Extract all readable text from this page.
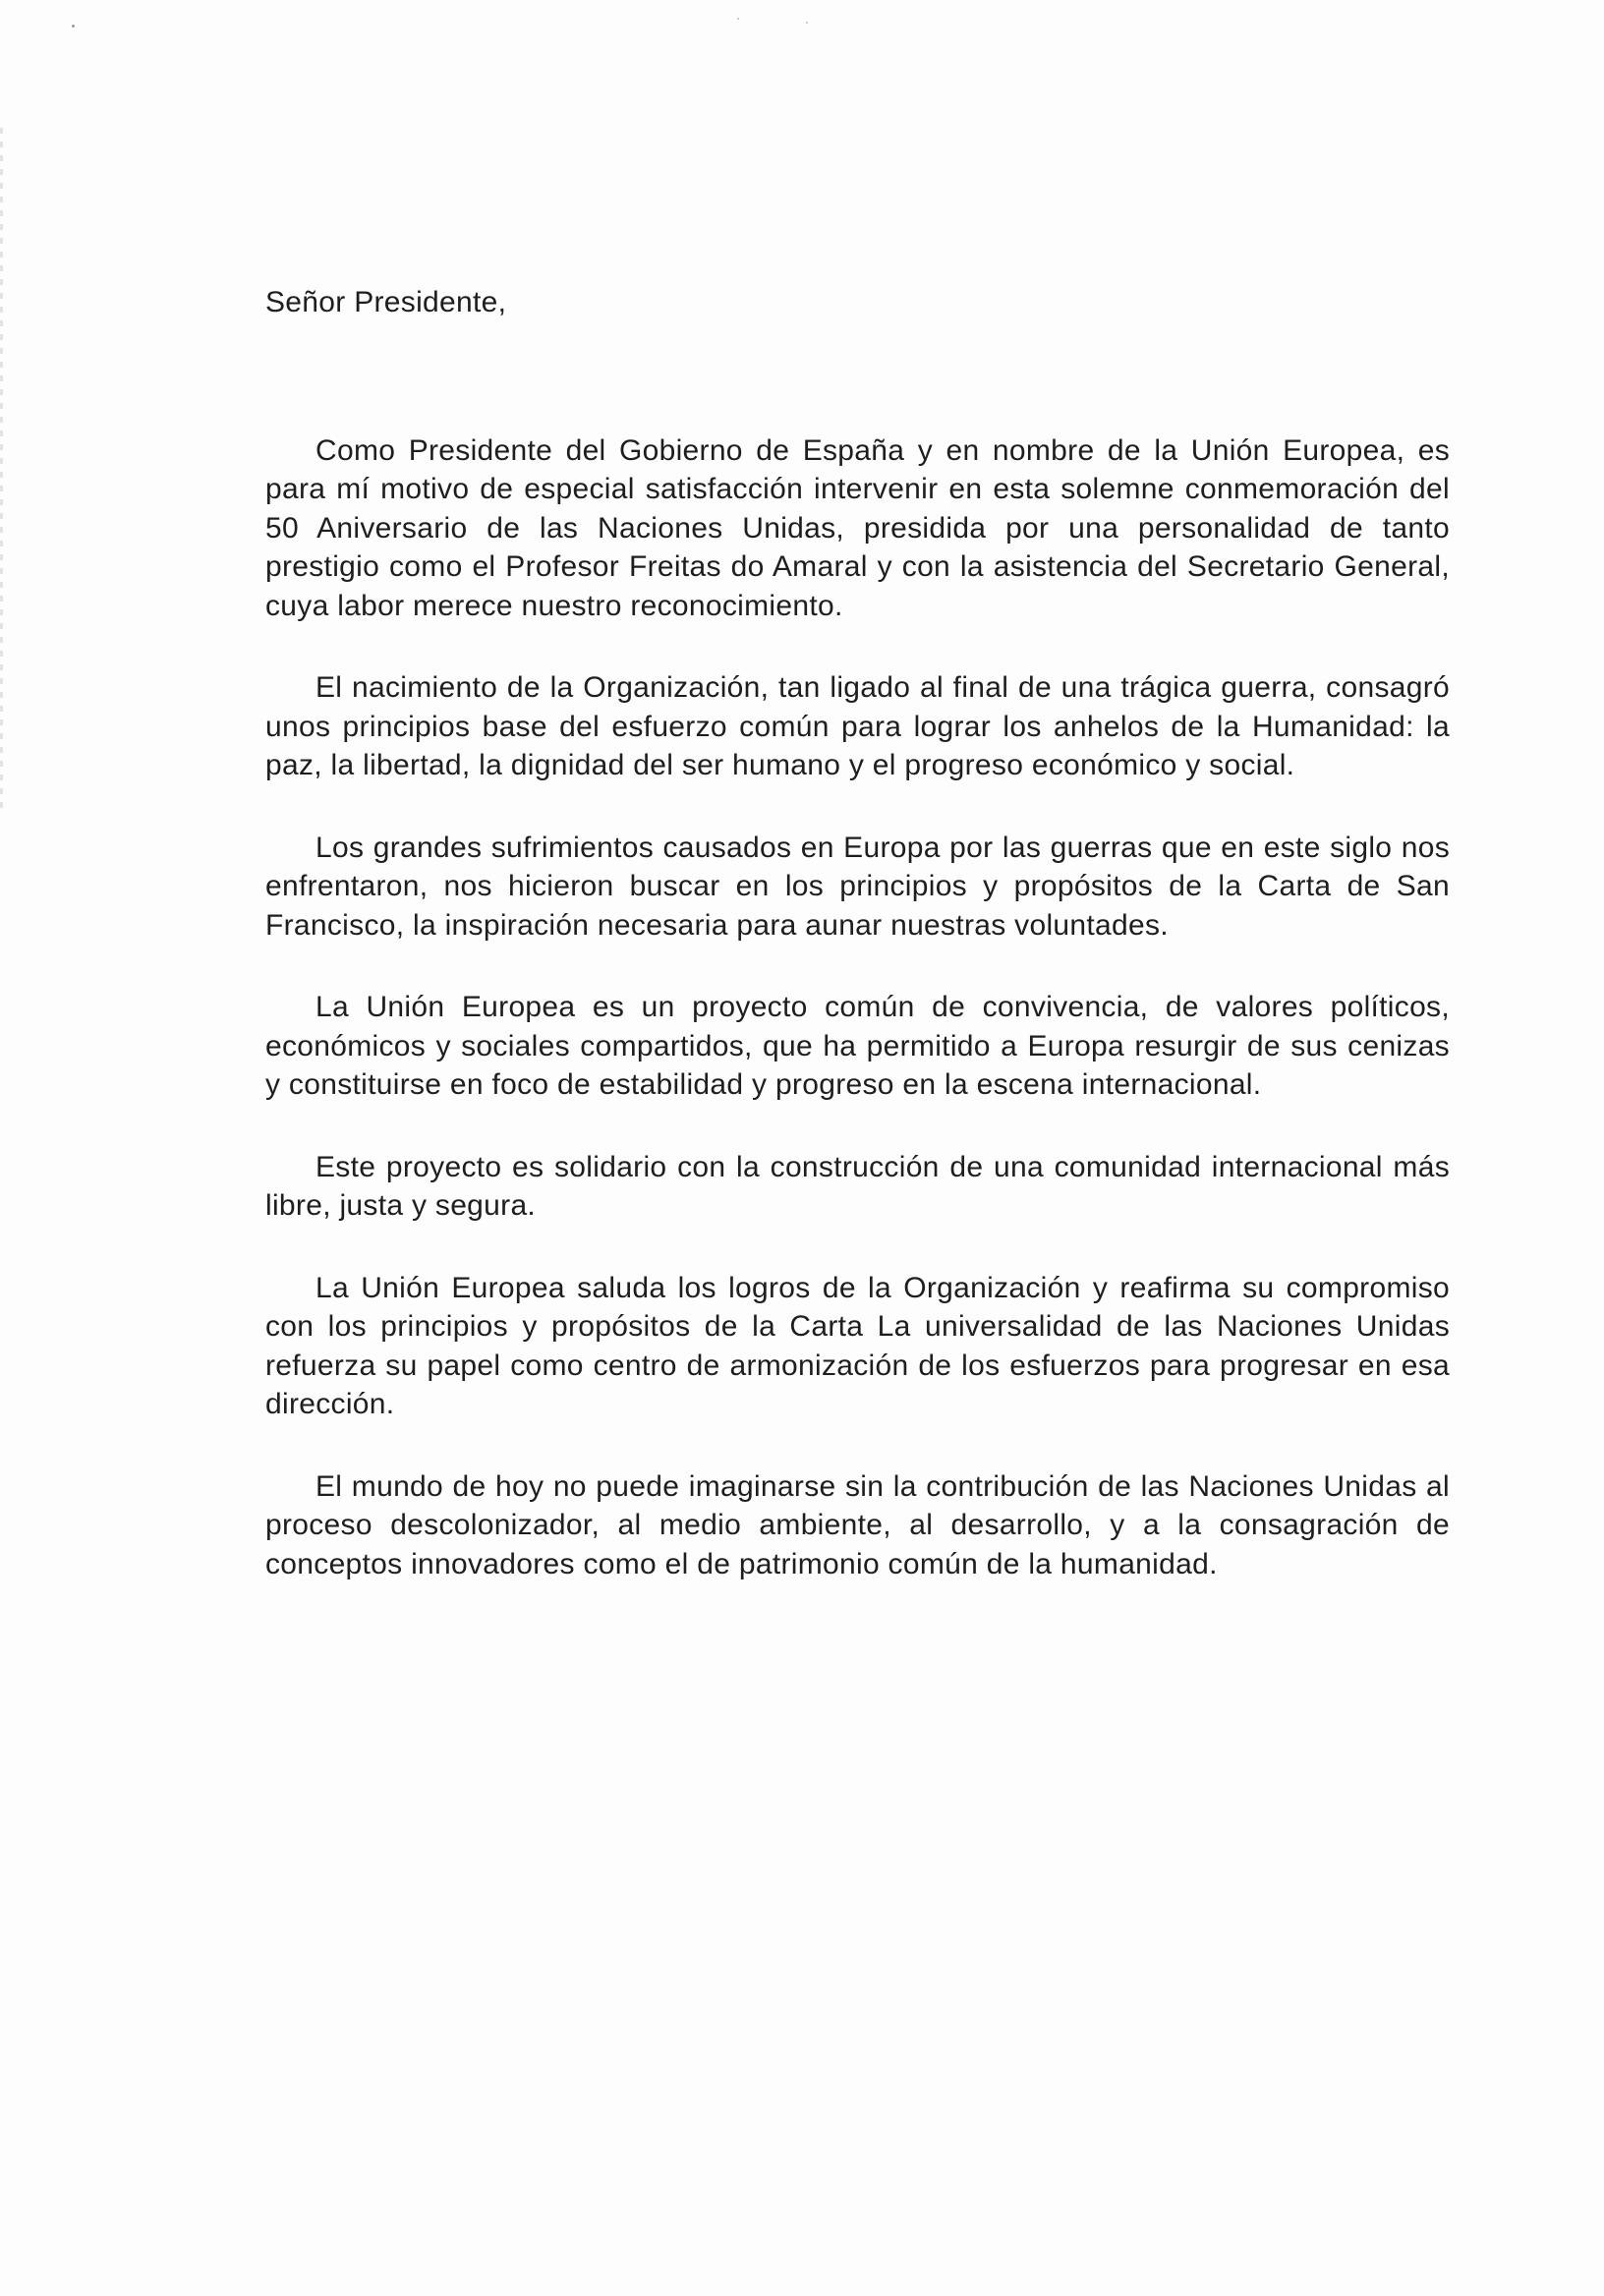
Señor Presidente,

Como Presidente del Gobierno de España y en nombre de la Unión Europea, es para mí motivo de especial satisfacción intervenir en esta solemne conmemoración del 50 Aniversario de las Naciones Unidas, presidida por una personalidad de tanto prestigio como el Profesor Freitas do Amaral y con la asistencia del Secretario General, cuya labor merece nuestro reconocimiento.

El nacimiento de la Organización, tan ligado al final de una trágica guerra, consagró unos principios base del esfuerzo común para lograr los anhelos de la Humanidad: la paz, la libertad, la dignidad del ser humano y el progreso económico y social.

Los grandes sufrimientos causados en Europa por las guerras que en este siglo nos enfrentaron, nos hicieron buscar en los principios y propósitos de la Carta de San Francisco, la inspiración necesaria para aunar nuestras voluntades.

La Unión Europea es un proyecto común de convivencia, de valores políticos, económicos y sociales compartidos, que ha permitido a Europa resurgir de sus cenizas y constituirse en foco de estabilidad y progreso en la escena internacional.

Este proyecto es solidario con la construcción de una comunidad internacional más libre, justa y segura.

La Unión Europea saluda los logros de la Organización y reafirma su compromiso con los principios y propósitos de la Carta La universalidad de las Naciones Unidas refuerza su papel como centro de armonización de los esfuerzos para progresar en esa dirección.

El mundo de hoy no puede imaginarse sin la contribución de las Naciones Unidas al proceso descolonizador, al medio ambiente, al desarrollo, y a la consagración de conceptos innovadores como el de patrimonio común de la humanidad.
